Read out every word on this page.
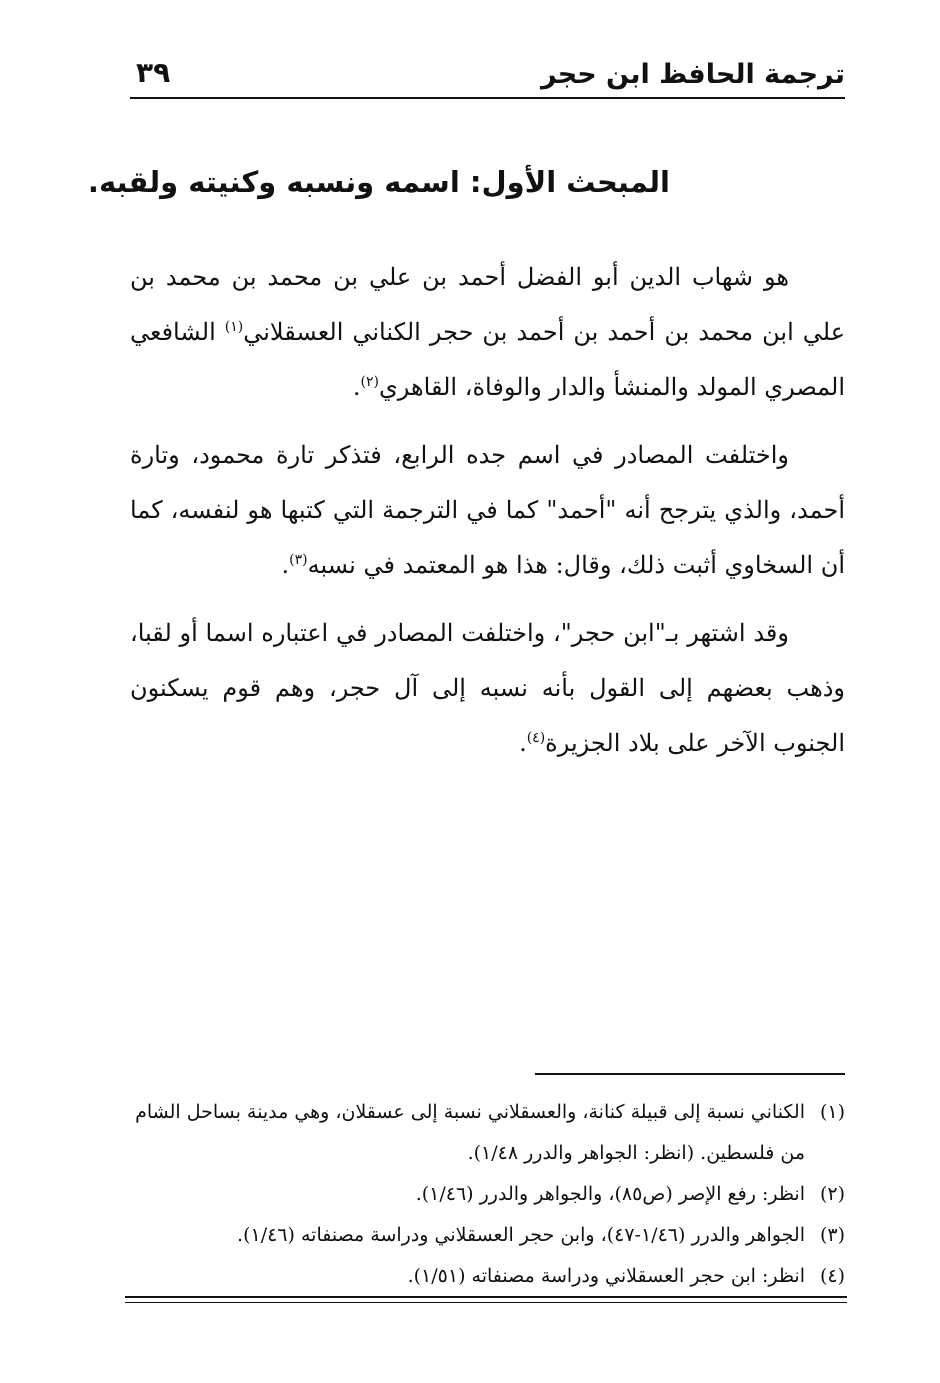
ترجمة الحافظ ابن حجر
٣٩
المبحث الأول: اسمه ونسبه وكنيته ولقبه.

هو شهاب الدين أبو الفضل أحمد بن علي بن محمد بن محمد بن علي ابن محمد بن أحمد بن أحمد بن حجر الكناني العسقلاني$^{(١)}$ الشافعي المصري المولد والمنشأ والدار والوفاة، القاهري$^{(٢)}$.

واختلفت المصادر في اسم جده الرابع، فتذكر تارة محمود، وتارة أحمد، والذي يترجح أنه "أحمد" كما في الترجمة التي كتبها هو لنفسه، كما أن السخاوي أثبت ذلك، وقال: هذا هو المعتمد في نسبه$^{(٣)}$.

وقد اشتهر بـ"ابن حجر"، واختلفت المصادر في اعتباره اسما أو لقبا، وذهب بعضهم إلى القول بأنه نسبه إلى آل حجر، وهم قوم يسكنون الجنوب الآخر على بلاد الجزيرة$^{(٤)}$.

(١)الكناني نسبة إلى قبيلة كنانة، والعسقلاني نسبة إلى عسقلان، وهي مدينة بساحل الشام من فلسطين. (انظر: الجواهر والدرر ١/٤٨).

(٢)انظر: رفع الإصر (ص٨٥)، والجواهر والدرر (١/٤٦).

(٣)الجواهر والدرر (١/٤٦-٤٧)، وابن حجر العسقلاني ودراسة مصنفاته (١/٤٦).

(٤)انظر: ابن حجر العسقلاني ودراسة مصنفاته (١/٥١).
